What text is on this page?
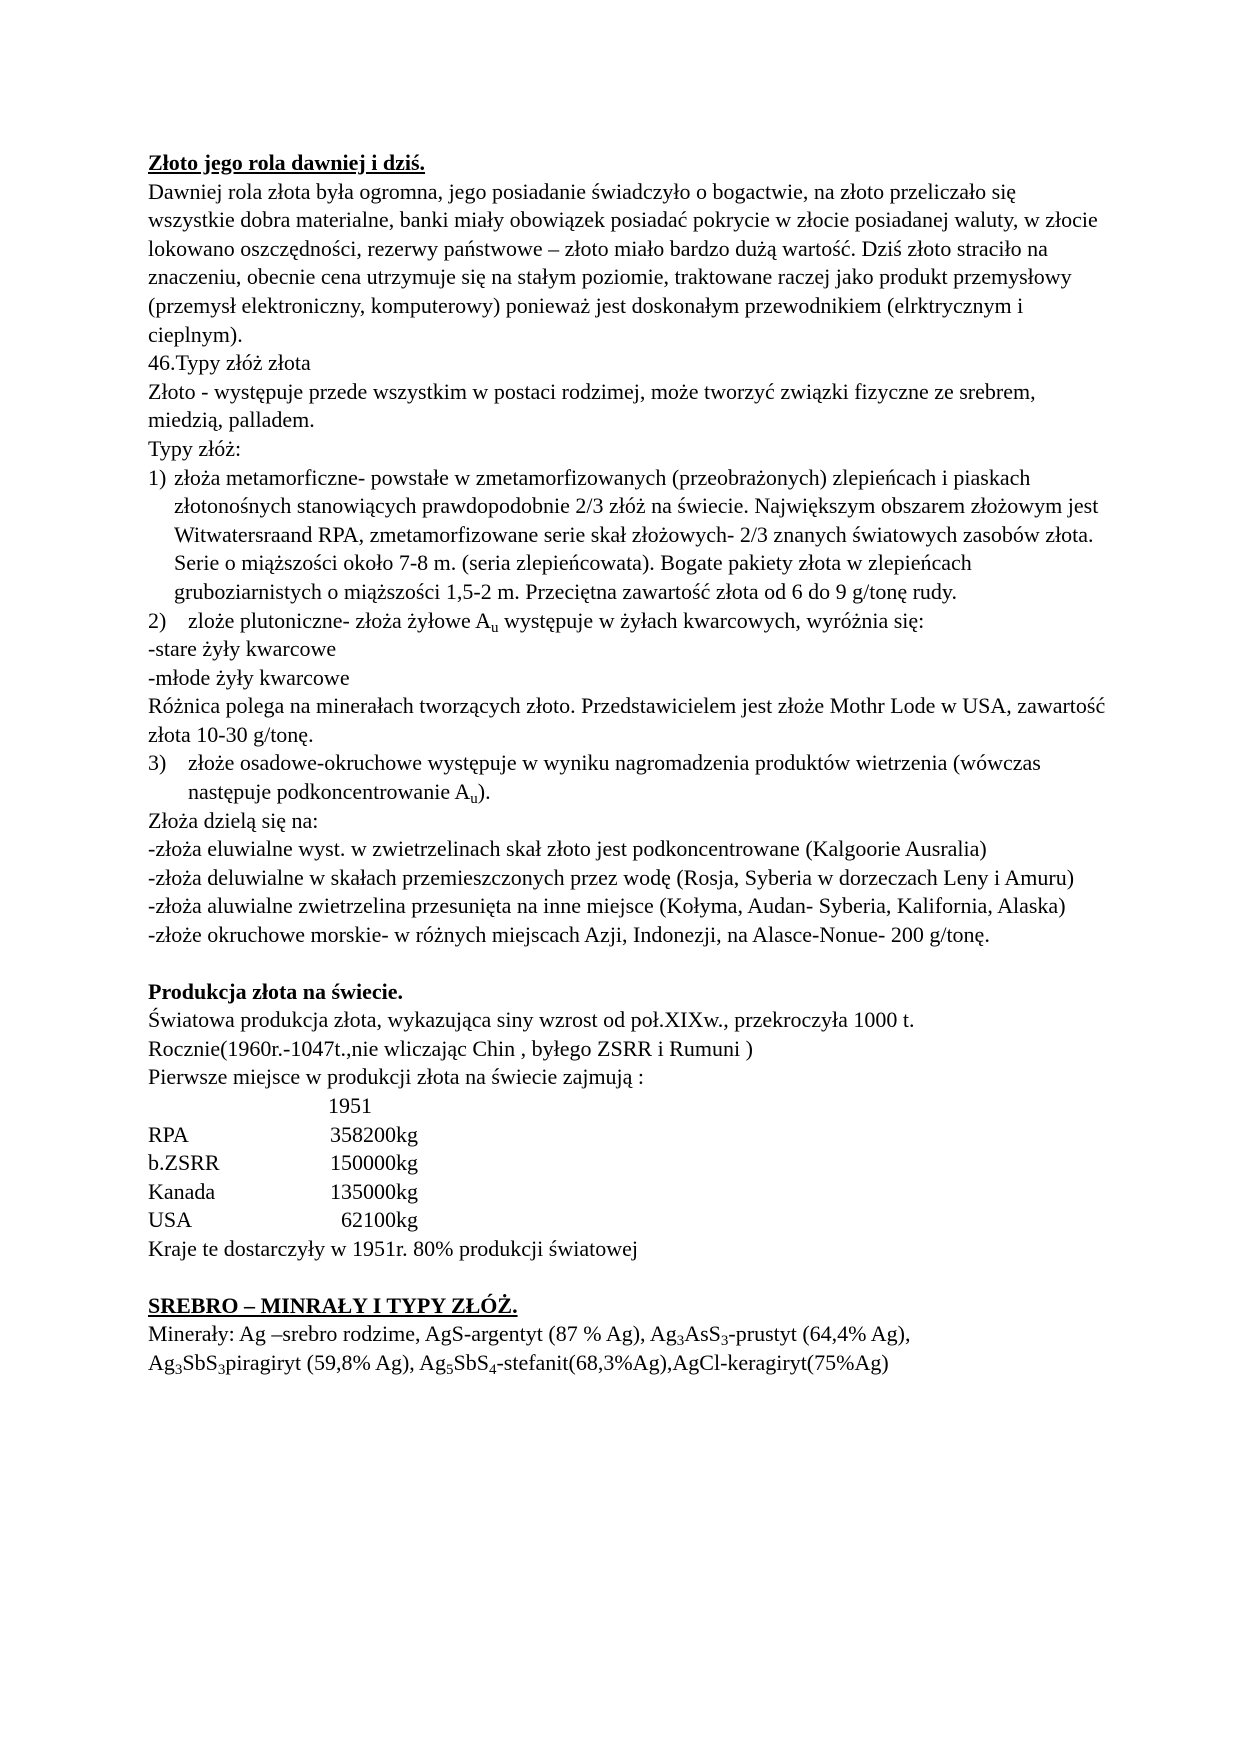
Złoto jego rola dawniej i dziś.

Dawniej rola złota była ogromna, jego posiadanie świadczyło o bogactwie, na złoto przeliczało się wszystkie dobra materialne, banki miały obowiązek posiadać pokrycie w złocie posiadanej waluty, w złocie lokowano oszczędności, rezerwy państwowe – złoto miało bardzo dużą wartość. Dziś złoto straciło na znaczeniu, obecnie cena utrzymuje się na stałym poziomie, traktowane raczej jako produkt przemysłowy (przemysł elektroniczny, komputerowy) ponieważ jest doskonałym przewodnikiem (elrktrycznym i cieplnym).

46.Typy złóż złota

Złoto - występuje przede wszystkim w postaci rodzimej, może tworzyć związki fizyczne ze srebrem, miedzią, palladem.

Typy złóż:

1) złoża metamorficzne- powstałe w zmetamorfizowanych (przeobrażonych) zlepieńcach i piaskach złotonośnych stanowiących prawdopodobnie 2/3 złóż na świecie. Największym obszarem złożowym jest Witwatersraand RPA, zmetamorfizowane serie skał złożowych- 2/3 znanych światowych zasobów złota. Serie o miąższości około 7-8 m. (seria zlepieńcowata). Bogate pakiety złota w zlepieńcach gruboziarnistych o miąższości 1,5-2 m. Przeciętna zawartość złota od 6 do 9 g/tonę rudy.
2) zloże plutoniczne- złoża żyłowe $A_u$ występuje w żyłach kwarcowych, wyróżnia się:

-stare żyły kwarcowe

-młode żyły kwarcowe

Różnica polega na minerałach tworzących złoto. Przedstawicielem jest złoże Mothr Lode w USA, zawartość złota 10-30 g/tonę.

3) złoże osadowe-okruchowe występuje w wyniku nagromadzenia produktów wietrzenia (wówczas następuje podkoncentrowanie $A_u$).

Złoża dzielą się na:

-złoża eluwialne wyst. w zwietrzelinach skał złoto jest podkoncentrowane (Kalgoorie Ausralia)

-złoża deluwialne w skałach przemieszczonych przez wodę (Rosja, Syberia w dorzeczach Leny i Amuru)

-złoża aluwialne zwietrzelina przesunięta na inne miejsce (Kołyma, Audan- Syberia, Kalifornia, Alaska)

-złoże okruchowe morskie- w różnych miejscach Azji, Indonezji, na Alasce-Nonue- 200 g/tonę.

Produkcja złota na świecie.

Światowa produkcja złota, wykazująca siny wzrost od poł.XIXw., przekroczyła 1000 t. Rocznie(1960r.-1047t.,nie wliczając Chin , byłego ZSRR i Rumuni )

Pierwsze miejsce w produkcji złota na świecie zajmują :

1951	
RPA	358200kg
b.ZSRR	150000kg
Kanada	135000kg
USA	62100kg

Kraje te dostarczyły w 1951r. 80% produkcji światowej

SREBRO – MINRAŁY I TYPY ZŁÓŻ.

Minerały: Ag –srebro rodzime, AgS-argentyt (87 % Ag), $Ag_3AsS_3$-prustyt (64,4% Ag),
$Ag_3SbS_3piragiryt$ (59,8% Ag), $Ag_5SbS_4-stefanit(68,3\%Ag),AgCl-keragiryt(75\%Ag)$
